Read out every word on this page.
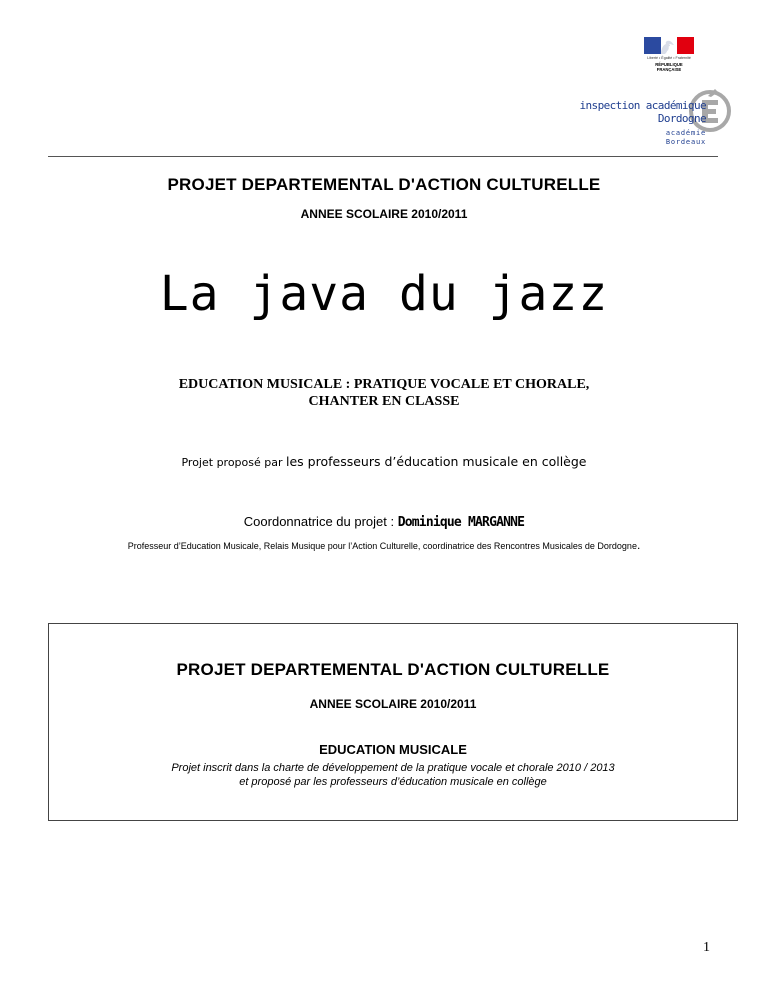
Liberté • Égalité • Fraternité
RÉPUBLIQUE FRANÇAISE
inspection académique
Dordogne
académie
Bordeaux
PROJET DEPARTEMENTAL D'ACTION CULTURELLE
ANNEE SCOLAIRE 2010/2011
La java du jazz
EDUCATION MUSICALE : PRATIQUE VOCALE ET CHORALE,
CHANTER EN CLASSE
Projet proposé par les professeurs d’éducation musicale en collège
Coordonnatrice du projet : Dominique MARGANNE
Professeur d’Education Musicale, Relais Musique pour l’Action Culturelle, coordinatrice des Rencontres Musicales de Dordogne.
PROJET DEPARTEMENTAL D'ACTION CULTURELLE
ANNEE SCOLAIRE 2010/2011
EDUCATION MUSICALE
Projet inscrit dans la charte de développement de la pratique vocale et chorale 2010 / 2013
et proposé par les professeurs d’éducation musicale en collège
1
